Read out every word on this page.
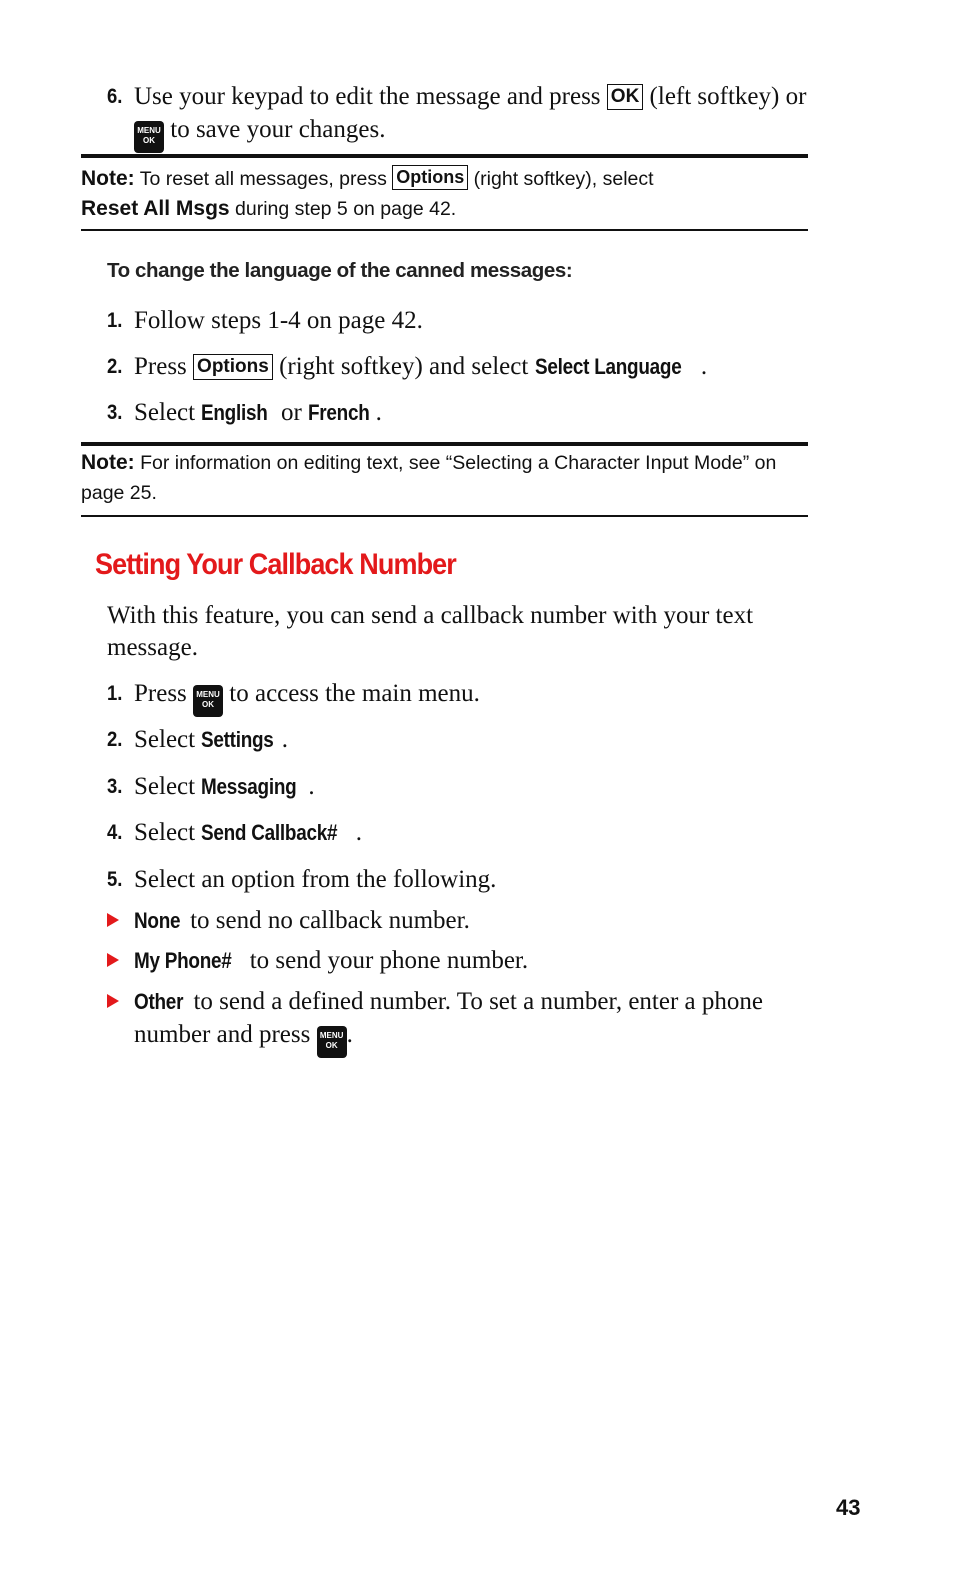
6. Use your keypad to edit the message and press OK (left softkey) or MENU
OK to save your changes.
Note: To reset all messages, press Options (right softkey), select
Reset All Msgs during step 5 on page 42.
To change the language of the canned messages:
1. Follow steps 1-4 on page 42.
2. Press Options (right softkey) and select Select Language .
3. Select English or French .
Note: For information on editing text, see “Selecting a Character Input Mode” on page 25.
Setting Your Callback Number
With this feature, you can send a callback number with your text message.
1. Press MENU
OK to access the main menu.
2. Select Settings .
3. Select Messaging .
4. Select Send Callback# .
5. Select an option from the following.
None to send no callback number.
My Phone# to send your phone number.
Other to send a defined number. To set a number, enter a phone number and press MENU
OK .
43
